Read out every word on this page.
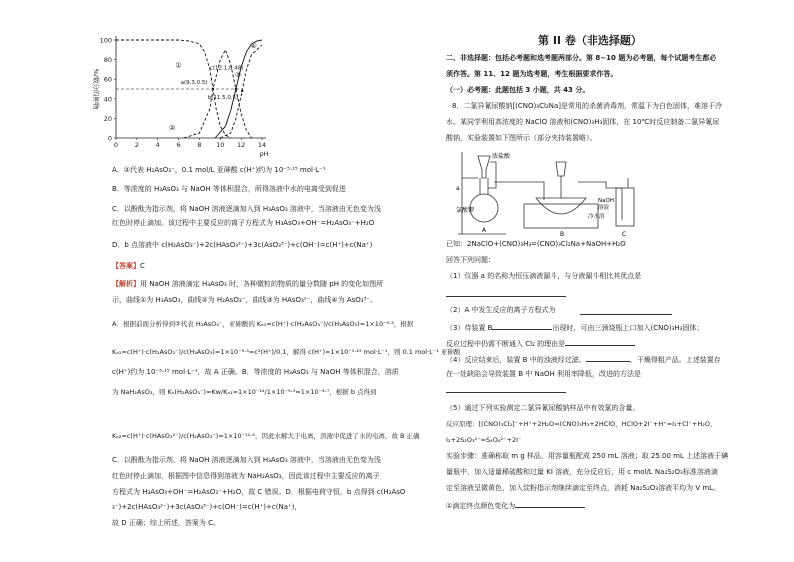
100
80
60
40
20
0
0	2	4	6	8 10 12 14
pH
%/数分的种物
①
②
③
④
a(9.3,0.5)
c(12.1,0.48)
b(11.5,0.5)
A．②代表 H₂AsO₃⁻，0.1 mol/L 亚砷酸 c(H⁺)约为 10⁻⁵·¹⁵ mol·L⁻¹
B．等浓度的 H₃AsO₃ 与 NaOH 等体积混合，所得溶液中水的电离受到促进
C．以酚酞为指示剂，将 NaOH 溶液逐滴加入到 H₃AsO₃ 溶液中，当溶液由无色变为浅
红色时停止滴加。该过程中主要反应的离子方程式为 H₃AsO₃+OH⁻=H₂AsO₃⁻+H₂O
D．b 点溶液中 c(H₂AsO₃⁻)+2c(HAsO₃²⁻)+3c(AsO₃³⁻)+c(OH⁻)=c(H⁺)+c(Na⁺)
【答案】C
【解析】用 NaOH 溶液滴定 H₃AsO₃ 时，各种微粒的物质的量分数随 pH 的变化如图所
示，曲线①为 H₃AsO₃，曲线②为 H₂AsO₃⁻，曲线③为 HAsO₃²⁻，曲线④为 AsO₃³⁻。
A．根据前面分析得到②代表 H₂AsO₃⁻，亚砷酸的 Kₐ₁=c(H⁺)·c(H₂AsO₃⁻)/c(H₃AsO₃)=1×10⁻⁹·³，根据
Kₐ₁=c(H⁺)·c(H₂AsO₃⁻)/c(H₃AsO₃)=1×10⁻⁹·³=c²(H⁺)/0.1，解得 c(H⁺)=1×10⁻⁵·¹⁵ mol·L⁻¹，则 0.1 mol·L⁻¹ 亚砷酸
c(H⁺)约为 10⁻⁵·¹⁵ mol·L⁻¹，故 A 正确。B．等浓度的 H₃AsO₃ 与 NaOH 等体积混合，溶质
为 NaH₂AsO₃，则 Kₕ(H₂AsO₃⁻)=Kw/Kₐ₁=1×10⁻¹⁴/1×10⁻⁹·³=1×10⁻⁴·⁷，根据 b 点得到
Kₐ₂=c(H⁺)·c(HAsO₃²⁻)/c(H₂AsO₃⁻)=1×10⁻¹¹·⁵，因此水解大于电离，溶液中促进了水的电离，故 B 正确
C．以酚酞为指示剂，将 NaOH 溶液逐滴加入到 H₃AsO₃ 溶液中，当溶液由无色变为浅
红色时停止滴加，根据图中信息得到溶液为 NaH₂AsO₃，因此该过程中主要反应的离子
方程式为 H₃AsO₃+OH⁻=H₂AsO₃⁻+H₂O，故 C 错误。D．根据电荷守恒，b 点得到 c(H₂AsO
₃⁻)+2c(HAsO₃²⁻)+3c(AsO₃³⁻)+c(OH⁻)=c(H⁺)+c(Na⁺)，
故 D 正确；综上所述，答案为 C。
第 II 卷（非选择题）
二、非选择题：包括必考题和选考题两部分。第 8~10 题为必考题，每个试题考生都必
须作答。第 11、12 题为选考题，考生根据要求作答。
（一）必考题：此题包括 3 小题，共 43 分。
8．二氯异氰尿酸钠[(CNO)₃Cl₂Na]是常用的杀菌消毒剂，常温下为白色固体，难溶于冷
水。某同学利用高浓度的 NaClO 溶液和(CNO)₃H₃固体，在 10℃时反应制备二氯异氰尿
酸钠，实验装置如下图所示（部分夹持装置略）。
a
浓盐酸
氯酸钾
NaOH
溶液
冷水浴
A
B	C
已知：2NaClO+(CNO)₃H₃=(CNO)₃Cl₂Na+NaOH+H₂O
回答下列问题：
（1）仪器 a 的名称为恒压滴液漏斗，与分液漏斗相比其优点是
（2）A 中发生反应的离子方程式为
（3）待装置 B	出现时，可由三颈烧瓶上口加入(CNO)₃H₃固体；
反应过程中仍需不断通入 Cl₂ 的理由是
（4）反应结束后，装置 B 中的浊液经过滤、	、干燥得粗产品。上述装置存
在一处缺陷会导致装置 B 中 NaOH 利用率降低，改进的方法是
（5）通过下列实验测定二氯异氰尿酸钠样品中有效氯的含量。
反应原理：[(CNO)₃Cl₂]⁻+H⁺+2H₂O=(CNO)₃H₃+2HClO，HClO+2I⁻+H⁺=I₂+Cl⁻+H₂O，
I₂+2S₂O₃²⁻=S₄O₆²⁻+2I⁻
实验步骤：准确称取 m g 样品，用容量瓶配成 250 mL 溶液；取 25.00 mL 上述溶液于碘
量瓶中，加入适量稀硫酸和过量 KI 溶液，充分反应后，用 c mol/L Na₂S₂O₃标准溶液滴
定至溶液呈微黄色，加入淀粉指示剂继续滴定至终点，消耗 Na₂S₂O₃溶液平均为 V mL。
①滴定终点颜色变化为
